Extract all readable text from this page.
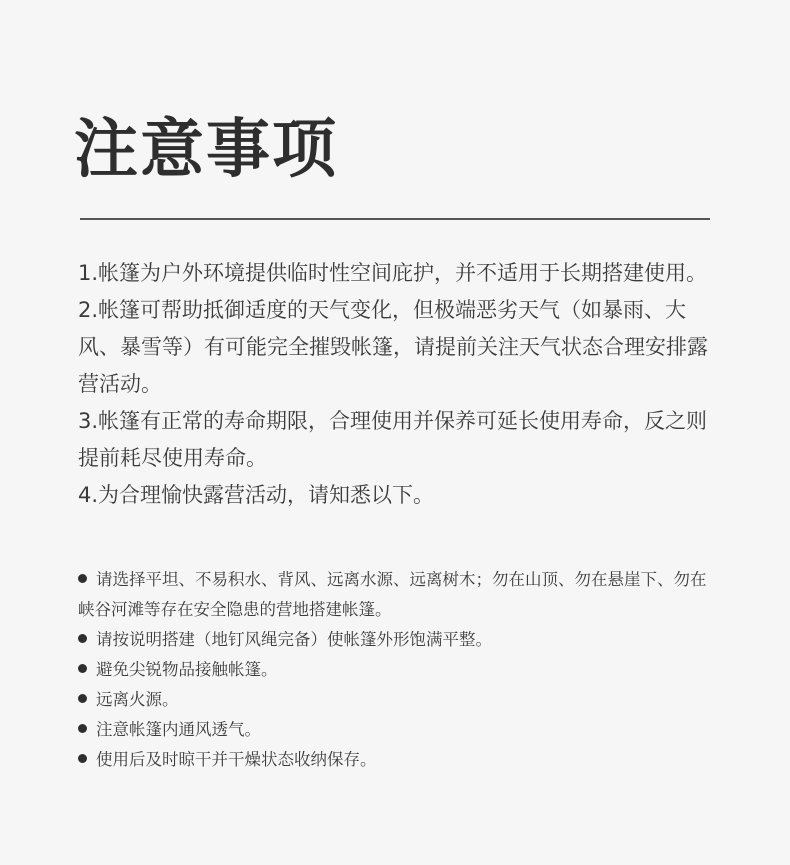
注意事项
1.帐篷为户外环境提供临时性空间庇护，并不适用于长期搭建使用。
2.帐篷可帮助抵御适度的天气变化，但极端恶劣天气（如暴雨、大风、暴雪等）有可能完全摧毁帐篷，请提前关注天气状态合理安排露营活动。
3.帐篷有正常的寿命期限，合理使用并保养可延长使用寿命，反之则提前耗尽使用寿命。
4.为合理愉快露营活动，请知悉以下。
请选择平坦、不易积水、背风、远离水源、远离树木；勿在山顶、勿在悬崖下、勿在峡谷河滩等存在安全隐患的营地搭建帐篷。
请按说明搭建（地钉风绳完备）使帐篷外形饱满平整。
避免尖锐物品接触帐篷。
远离火源。
注意帐篷内通风透气。
使用后及时晾干并干燥状态收纳保存。
